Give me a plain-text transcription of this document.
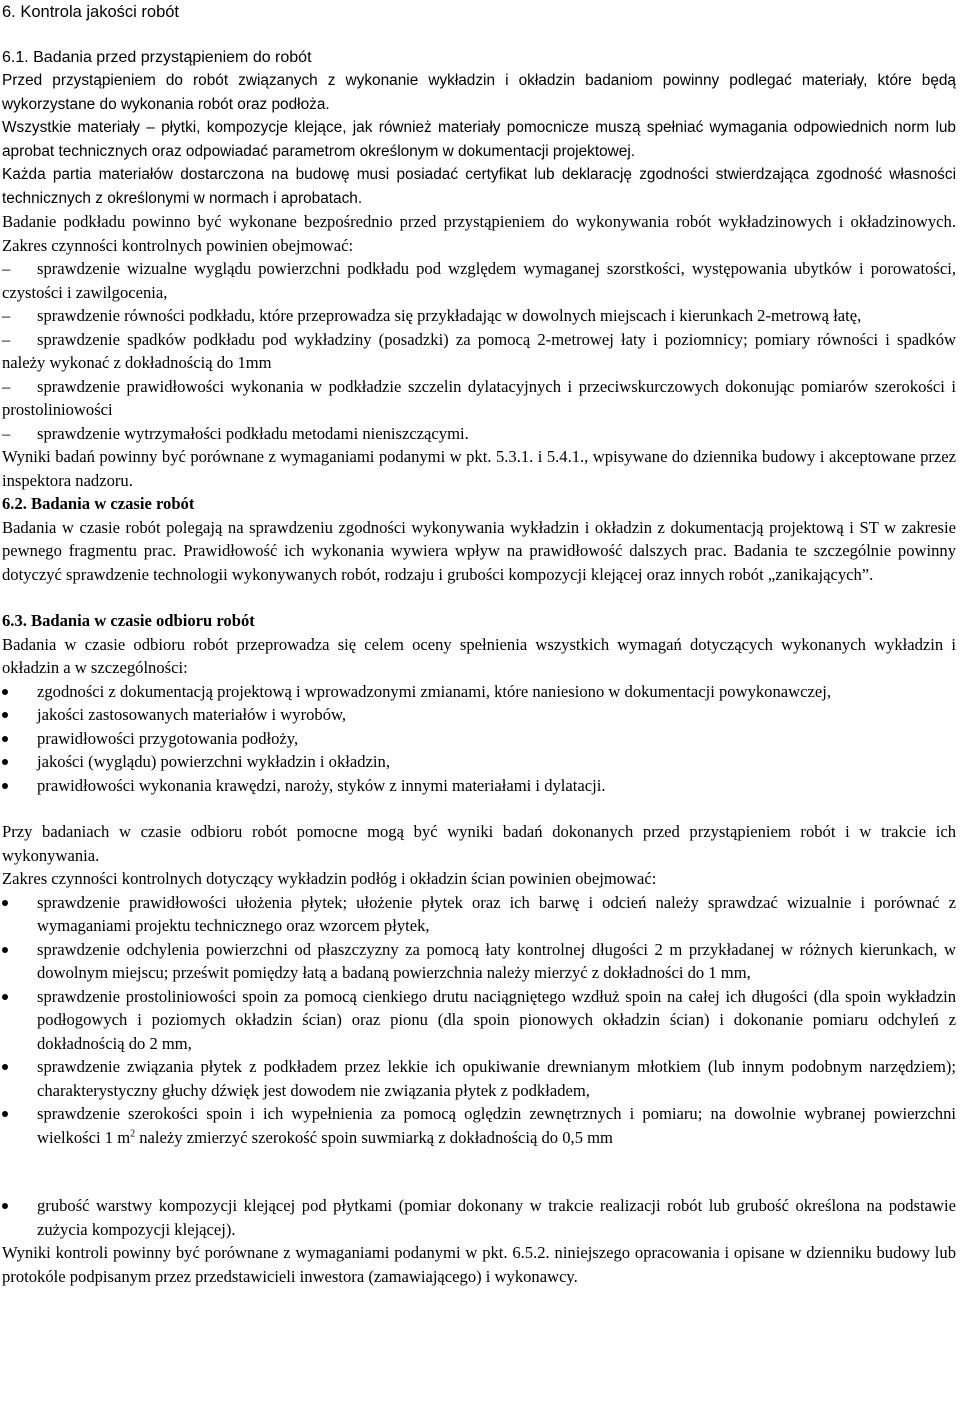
6. Kontrola jakości robót
6.1. Badania przed przystąpieniem do robót

Przed przystąpieniem do robót związanych z wykonanie wykładzin i okładzin badaniom powinny podlegać materiały, które będą wykorzystane do wykonania robót oraz podłoża.

Wszystkie materiały – płytki, kompozycje klejące, jak również materiały pomocnicze muszą spełniać wymagania odpowiednich norm lub aprobat technicznych oraz odpowiadać parametrom określonym w dokumentacji projektowej.

Każda partia materiałów dostarczona na budowę musi posiadać certyfikat lub deklarację zgodności stwierdzająca zgodność własności technicznych z określonymi w normach i aprobatach.

Badanie podkładu powinno być wykonane bezpośrednio przed przystąpieniem do wykonywania robót wykładzinowych i okładzinowych. Zakres czynności kontrolnych powinien obejmować:

– sprawdzenie wizualne wyglądu powierzchni podkładu pod względem wymaganej szorstkości, występowania ubytków i porowatości, czystości i zawilgocenia,

– sprawdzenie równości podkładu, które przeprowadza się przykładając w dowolnych miejscach i kierunkach 2-metrową łatę,

– sprawdzenie spadków podkładu pod wykładziny (posadzki) za pomocą 2-metrowej łaty i poziomnicy; pomiary równości i spadków należy wykonać z dokładnością do 1mm

– sprawdzenie prawidłowości wykonania w podkładzie szczelin dylatacyjnych i przeciwskurczowych dokonując pomiarów szerokości i prostoliniowości

– sprawdzenie wytrzymałości podkładu metodami nieniszczącymi.

Wyniki badań powinny być porównane z wymaganiami podanymi w pkt. 5.3.1. i 5.4.1., wpisywane do dziennika budowy i akceptowane przez inspektora nadzoru.

6.2. Badania w czasie robót

Badania w czasie robót polegają na sprawdzeniu zgodności wykonywania wykładzin i okładzin z dokumentacją projektową i ST w zakresie pewnego fragmentu prac. Prawidłowość ich wykonania wywiera wpływ na prawidłowość dalszych prac. Badania te szczególnie powinny dotyczyć sprawdzenie technologii wykonywanych robót, rodzaju i grubości kompozycji klejącej oraz innych robót „zanikających”.

6.3. Badania w czasie odbioru robót

Badania w czasie odbioru robót przeprowadza się celem oceny spełnienia wszystkich wymagań dotyczących wykonanych wykładzin i okładzin a w szczególności:

zgodności z dokumentacją projektową i wprowadzonymi zmianami, które naniesiono w dokumentacji powykonawczej,
jakości zastosowanych materiałów i wyrobów,
prawidłowości przygotowania podłoży,
jakości (wyglądu) powierzchni wykładzin i okładzin,
prawidłowości wykonania krawędzi, naroży, styków z innymi materiałami i dylatacji.

Przy badaniach w czasie odbioru robót pomocne mogą być wyniki badań dokonanych przed przystąpieniem robót i w trakcie ich wykonywania.

Zakres czynności kontrolnych dotyczący wykładzin podłóg i okładzin ścian powinien obejmować:

sprawdzenie prawidłowości ułożenia płytek; ułożenie płytek oraz ich barwę i odcień należy sprawdzać wizualnie i porównać z wymaganiami projektu technicznego oraz wzorcem płytek,
sprawdzenie odchylenia powierzchni od płaszczyzny za pomocą łaty kontrolnej długości 2 m przykładanej w różnych kierunkach, w dowolnym miejscu; prześwit pomiędzy łatą a badaną powierzchnia należy mierzyć z dokładności do 1 mm,
sprawdzenie prostoliniowości spoin za pomocą cienkiego drutu naciągniętego wzdłuż spoin na całej ich długości (dla spoin wykładzin podłogowych i poziomych okładzin ścian) oraz pionu (dla spoin pionowych okładzin ścian) i dokonanie pomiaru odchyleń z dokładnością do 2 mm,
sprawdzenie związania płytek z podkładem przez lekkie ich opukiwanie drewnianym młotkiem (lub innym podobnym narzędziem); charakterystyczny głuchy dźwięk jest dowodem nie związania płytek z podkładem,
sprawdzenie szerokości spoin i ich wypełnienia za pomocą oględzin zewnętrznych i pomiaru; na dowolnie wybranej powierzchni wielkości 1 $m^2$ należy zmierzyć szerokość spoin suwmiarką z dokładnością do 0,5 mm
grubość warstwy kompozycji klejącej pod płytkami (pomiar dokonany w trakcie realizacji robót lub grubość określona na podstawie zużycia kompozycji klejącej).

Wyniki kontroli powinny być porównane z wymaganiami podanymi w pkt. 6.5.2. niniejszego opracowania i opisane w dzienniku budowy lub protokóle podpisanym przez przedstawicieli inwestora (zamawiającego) i wykonawcy.
